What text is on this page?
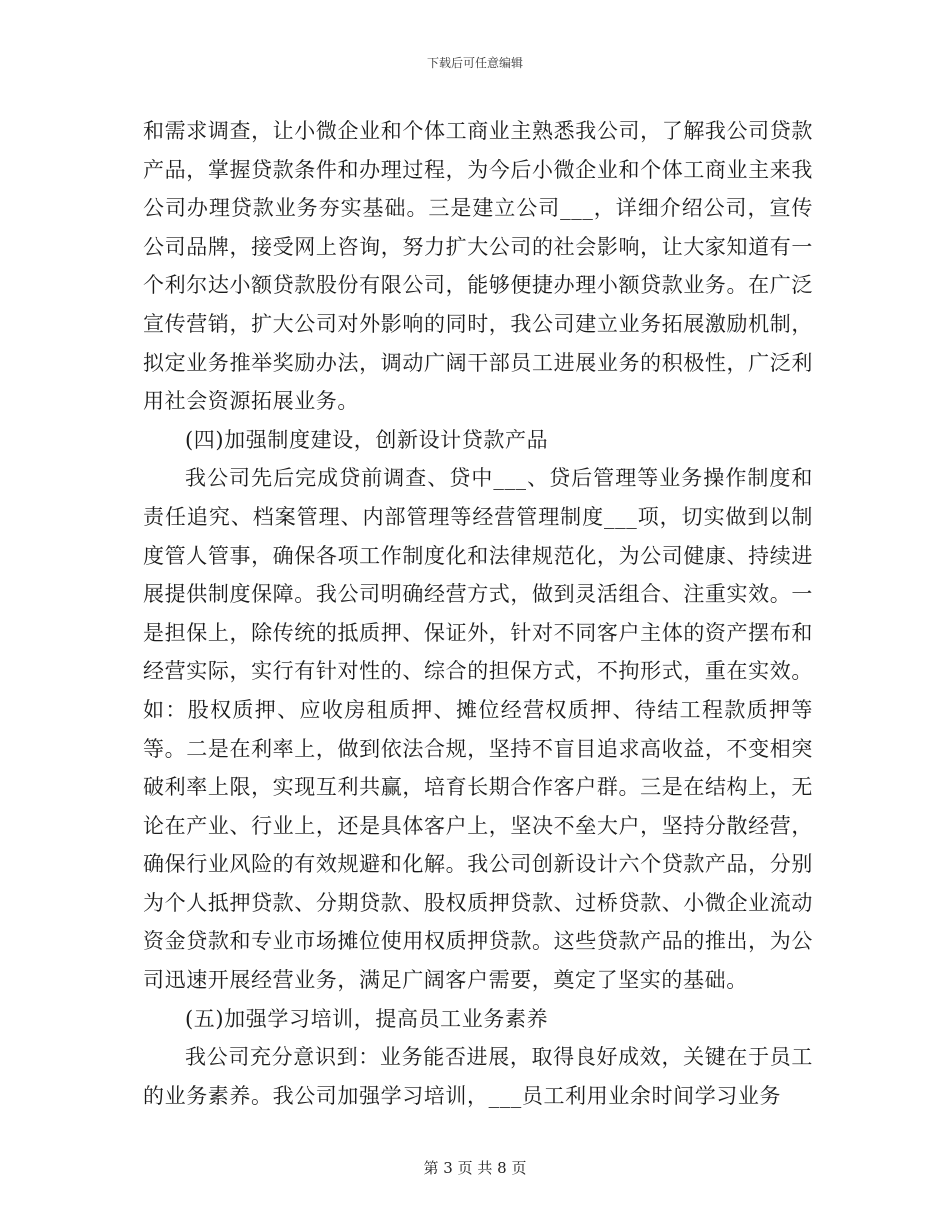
下载后可任意编辑

和需求调查，让小微企业和个体工商业主熟悉我公司，了解我公司贷款产品，掌握贷款条件和办理过程，为今后小微企业和个体工商业主来我公司办理贷款业务夯实基础。三是建立公司___，详细介绍公司，宣传公司品牌，接受网上咨询，努力扩大公司的社会影响，让大家知道有一个利尔达小额贷款股份有限公司，能够便捷办理小额贷款业务。在广泛宣传营销，扩大公司对外影响的同时，我公司建立业务拓展激励机制，拟定业务推举奖励办法，调动广阔干部员工进展业务的积极性，广泛利用社会资源拓展业务。

(四)加强制度建设，创新设计贷款产品

我公司先后完成贷前调查、贷中___、贷后管理等业务操作制度和责任追究、档案管理、内部管理等经营管理制度___项，切实做到以制度管人管事，确保各项工作制度化和法律规范化，为公司健康、持续进展提供制度保障。我公司明确经营方式，做到灵活组合、注重实效。一是担保上，除传统的抵质押、保证外，针对不同客户主体的资产摆布和经营实际，实行有针对性的、综合的担保方式，不拘形式，重在实效。如：股权质押、应收房租质押、摊位经营权质押、待结工程款质押等等。二是在利率上，做到依法合规，坚持不盲目追求高收益，不变相突破利率上限，实现互利共赢，培育长期合作客户群。三是在结构上，无论在产业、行业上，还是具体客户上，坚决不垒大户，坚持分散经营，确保行业风险的有效规避和化解。我公司创新设计六个贷款产品，分别为个人抵押贷款、分期贷款、股权质押贷款、过桥贷款、小微企业流动资金贷款和专业市场摊位使用权质押贷款。这些贷款产品的推出，为公司迅速开展经营业务，满足广阔客户需要，奠定了坚实的基础。

(五)加强学习培训，提高员工业务素养

我公司充分意识到：业务能否进展，取得良好成效，关键在于员工的业务素养。我公司加强学习培训，___员工利用业余时间学习业务

第 3 页 共 8 页
